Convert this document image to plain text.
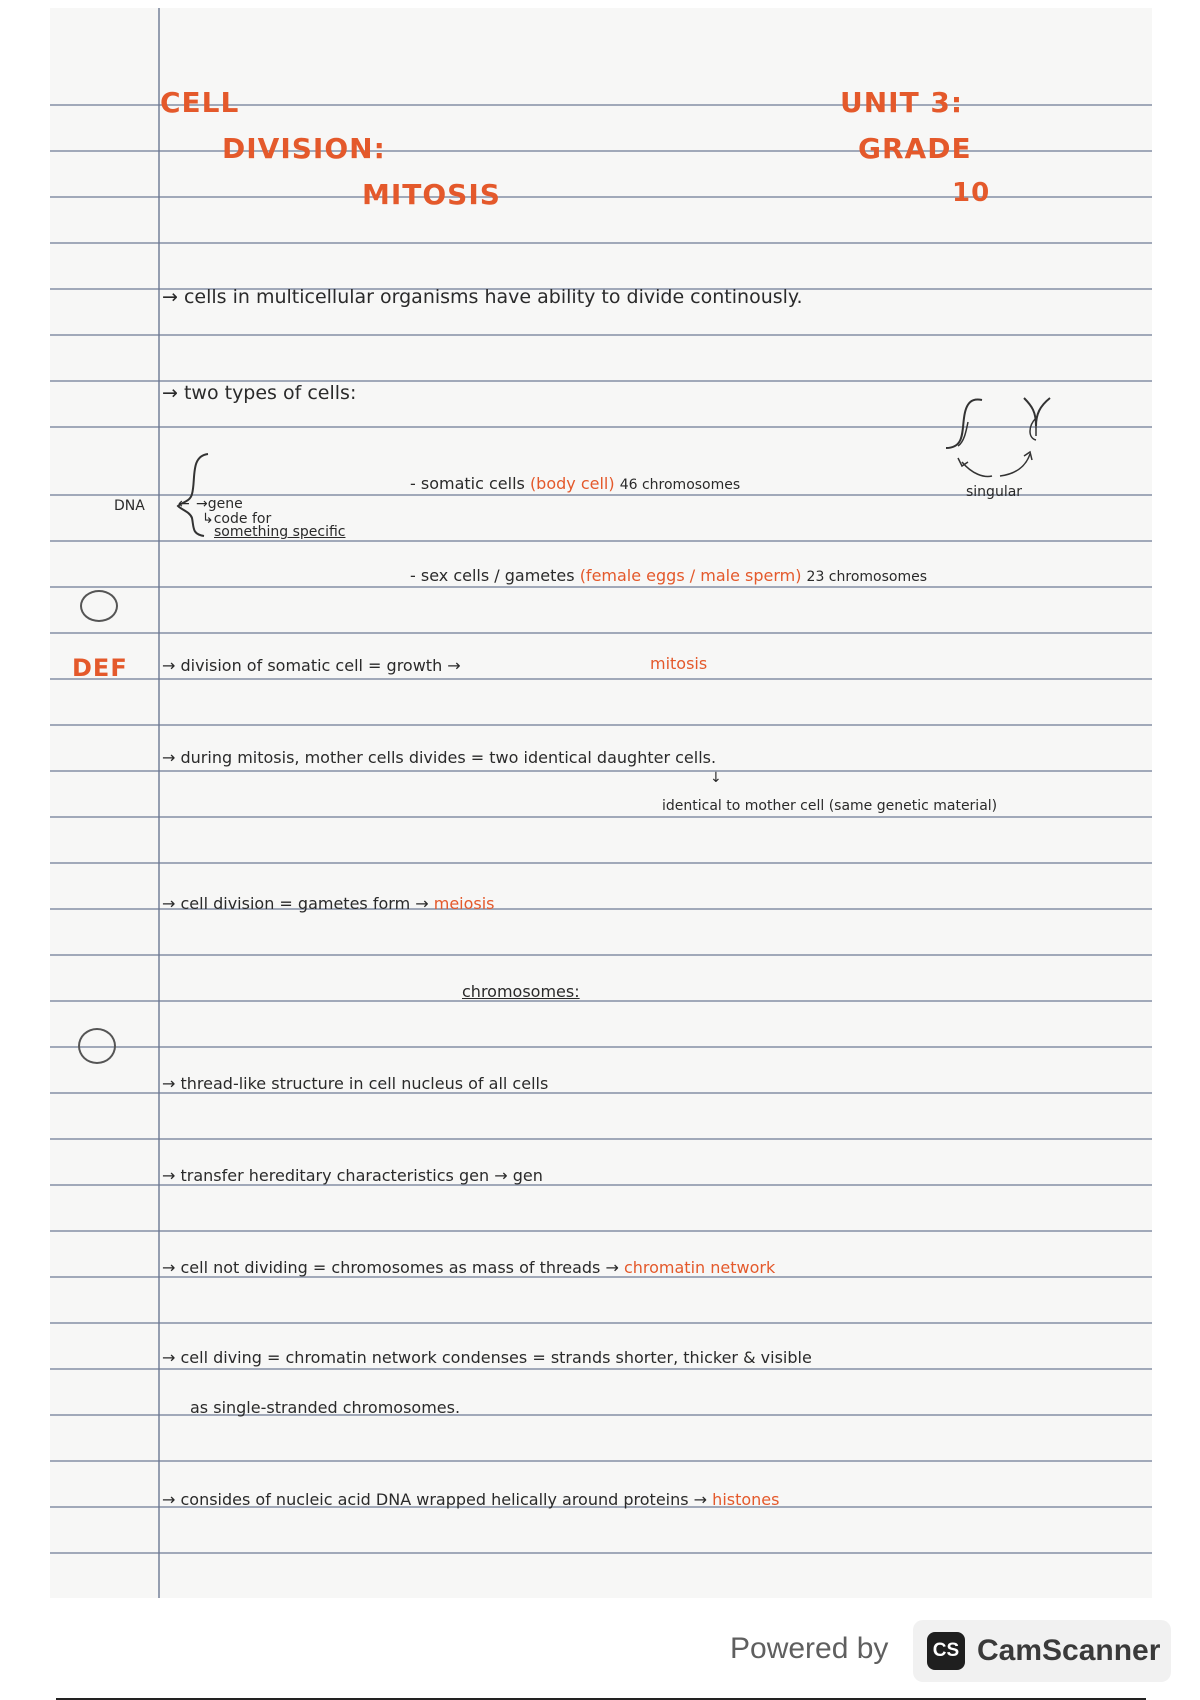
CELL
DIVISION:
MITOSIS
UNIT 3:
GRADE
10
→ cells in multicellular organisms have ability to divide continously.
→ two types of cells:
- somatic cells (body cell) 46 chromosomes
DNA ← →gene
↳code for
something specific
singular
- sex cells / gametes (female eggs / male sperm) 23 chromosomes
DEF → division of somatic cell = growth →	mitosis
→ during mitosis, mother cells divides = two identical daughter cells.
↓
identical to mother cell (same genetic material)
→ cell division = gametes form → meiosis
chromosomes:
→ thread-like structure in cell nucleus of all cells
→ transfer hereditary characteristics gen → gen
→ cell not dividing = chromosomes as mass of threads → chromatin network
→ cell diving = chromatin network condenses = strands shorter, thicker & visible
as single-stranded chromosomes.
→ consides of nucleic acid DNA wrapped helically around proteins → histones
Powered by	CS CamScanner
